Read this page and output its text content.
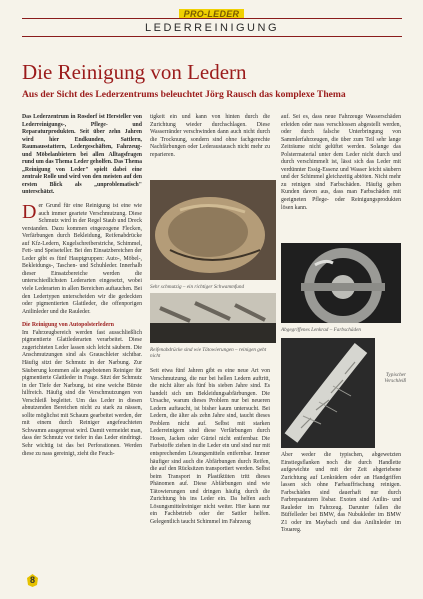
PRO-LEDER
LEDERREINIGUNG
Die Reinigung von Ledern
Aus der Sicht des Lederzentrums beleuchtet Jörg Rausch das komplexe Thema

Das Lederzentrum in Rosdorf ist Hersteller von Lederreinigungs-, Pflege- und Reparaturprodukten. Seit über zehn Jahren wird hier Endkunden, Sattlern, Raumausstattern, Ledergeschäften, Fahrzeug- und Möbelanbietern bei allen Alltagsfragen rund um das Thema Leder geholfen. Das Thema „Reinigung von Leder" spielt dabei eine zentrale Rolle und wird von den meisten auf den ersten Blick als „unproblematisch" unterschätzt.

Der Grund für eine Reinigung ist eine wie auch immer geartete Verschmutzung. Diese Schmutz wird in der Regel Staub und Dreck verstanden. Dazu kommen eingezogene Flecken, Verfärbungen durch Bekleidung, Reifenabdrücke auf Kfz-Ledern, Kugelschreiberstriche, Schimmel, Fett- und Speiseteller. Bei den Einsatzbereichen der Leder gibt es fünf Hauptgruppen: Auto-, Möbel-, Bekleidungs-, Taschen- und Schuhleder. Innerhalb dieser Einsatzbereiche werden die unterschiedlichsten Lederarten eingesetzt, wobei viele Lederarten in allen Bereichen auftauchen. Bei den Ledertypen unterscheiden wir die gedeckten oder pigmentierten Glattleder, die offenporigen Anilinleder und die Rauleder.

Die Reinigung von Autopolsterledern

Im Fahrzeugbereich werden fast ausschließlich pigmentierte Glattlederarten verarbeitet. Diese zugerichteten Leder lassen sich leicht säubern. Die Anschmutzungen sind als Grauschleier sichtbar. Häufig sitzt der Schmutz in der Narbung. Zur Säuberung kommen alle angebotenen Reiniger für pigmentierte Glattleder in Frage. Sitzt der Schmutz in der Tiefe der Narbung, ist eine weiche Bürste hilfreich. Häufig sind die Verschmutzungen von Verschleiß begleitet. Um das Leder in diesen abnutzenden Bereichen nicht zu stark zu nässen, sollte möglichst mit Schaum gearbeitet werden, der mit einem durch Reiniger angefeuchteten Schwamm ausgepresst wird. Damit vermeidet man, dass der Schmutz vor tiefer in das Leder eindringt. Sehr wichtig ist das bei Perforationen. Werden diese zu nass gereinigt, zieht die Feuch-

tigkeit ein und kann von hinten durch die Zurichtung wieder durchschlagen. Diese Wasserränder verschwinden dann auch nicht durch die Trocknung, sondern sind ohne fachgerechte Nachfärbungen oder Lederaustausch nicht mehr zu reparieren.

Sehr schmutzig – ein richtiger Schwammfund
Reifenabdrücke sind wie Tätowierungen – reinigen geht nicht

Seit etwa fünf Jahren gibt es eine neue Art von Verschmutzung, die nur bei hellen Ledern auftritt, die nicht älter als fünf bis sieben Jahre sind. Es handelt sich um Bekleidungsabfärbungen. Die Ursache, warum dieses Problem nur bei neueren Ledern auftaucht, ist bisher kaum untersucht. Bei Ledern, die älter als zehn Jahre sind, taucht dieses Problem nicht auf. Selbst mit starken Lederreinigern sind diese Verfärbungen durch Hosen, Jacken oder Gürtel nicht entfernbar. Die Farbstoffe ziehen in die Leder ein und sind nur mit entsprechenden Lösungsmitteln entfernbar. Immer häufiger sind auch die Abfärbungen durch Reifen, die auf den Rücksitzen transportiert werden. Selbst beim Transport in Plastiktüten tritt dieses Phänomen auf. Diese Abfärbungen sind wie Tätowierungen und dringen häufig durch die Zurichtung bis ins Leder ein. Da helfen auch Lösungsmittelreiniger nicht weiter. Hier kann nur ein Fachbetrieb oder der Sattler helfen. Gelegentlich taucht Schimmel im Fahrzeug

auf. Sei es, dass neue Fahrzeuge Wasserschäden erleiden oder nass verschlossen abgestellt werden, oder durch falsche Unterbringung von Sammlerfahrzeugen, die über zum Teil sehr lange Zeiträume nicht gelüftet werden. Solange das Polstermaterial unter dem Leder nicht durch und durch verschimmelt ist, lässt sich das Leder mit verdünnter Essig-Essenz und Wasser leicht säubern und der Schimmel gleichzeitig abtöten. Nicht mehr zu reinigen sind Farbschäden. Häufig gehen Kunden davon aus, dass man Farbschäden mit geeigneten Pflege- oder Reinigungsprodukten lösen kann.

Abgegriffenes Lenkrad – Farbschäden
Typischer Verschleiß

Aber weder die typischen, abgewetzten Einstiegsflanken noch die durch Handlette aufgewichte und mit der Zeit abgeriebene Zurichtung auf Lenkrädern oder an Handgriffen lassen sich ohne Farbauffrischung reinigen. Farbschäden sind dauerhaft nur durch Farbreparaturen lösbar. Exoten sind Anilin- und Rauleder im Fahrzeug. Darunter fallen die Büffelleder bei BMW, das Nubukleder im BMW Z1 oder im Maybach und das Anilinleder im Touareg.

8
